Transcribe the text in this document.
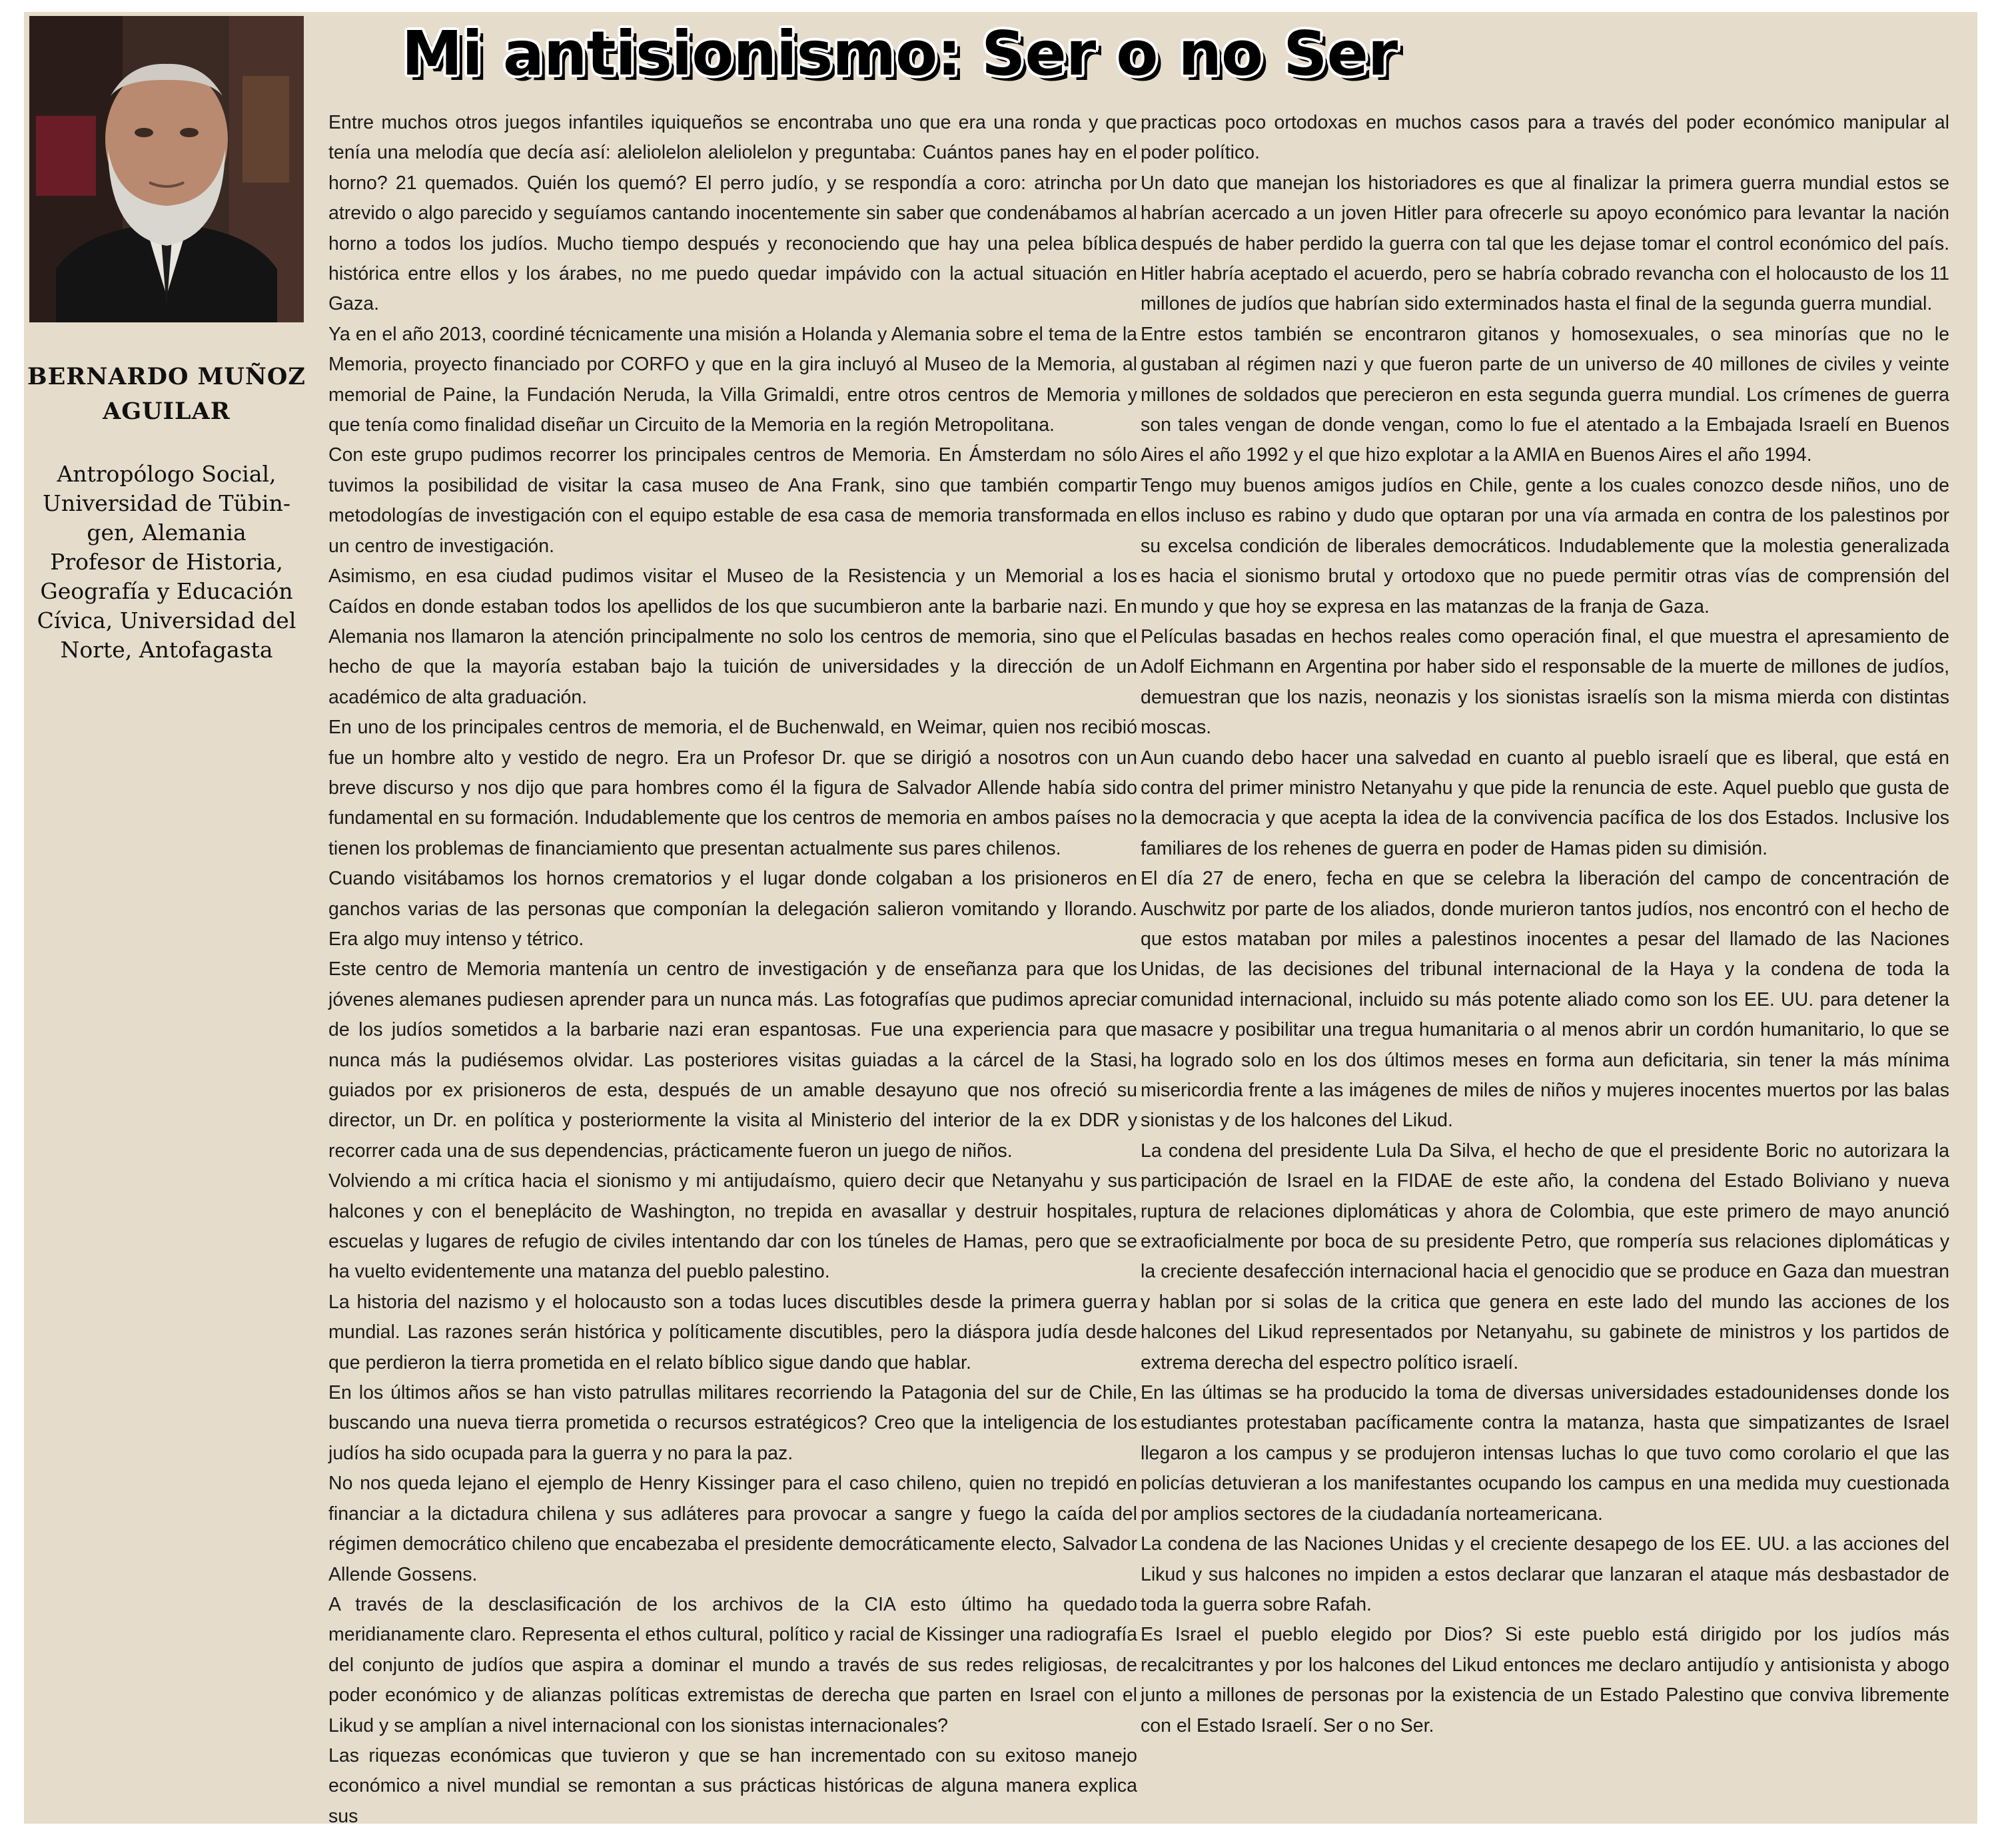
BERNARDO MUÑOZ AGUILAR
Antropólogo Social,
Universidad de Tübin-
gen, Alemania
Profesor de Historia,
Geografía y Educación
Cívica, Universidad del
Norte, Antofagasta
Mi antisionismo: Ser o no Ser

Entre muchos otros juegos infantiles iquiqueños se encontraba uno que era una ronda y que tenía una melodía que decía así: aleliolelon aleliolelon y preguntaba: Cuántos panes hay en el horno? 21 quemados. Quién los quemó? El perro judío, y se respondía a coro: atrincha por atrevido o algo parecido y seguíamos cantando inocentemente sin saber que condenábamos al horno a todos los judíos. Mucho tiempo después y reconociendo que hay una pelea bíblica histórica entre ellos y los árabes, no me puedo quedar impávido con la actual situación en Gaza.

Ya en el año 2013, coordiné técnicamente una misión a Holanda y Alemania sobre el tema de la Memoria, proyecto financiado por CORFO y que en la gira incluyó al Museo de la Memoria, al memorial de Paine, la Fundación Neruda, la Villa Grimaldi, entre otros centros de Memoria y que tenía como finalidad diseñar un Circuito de la Memoria en la región Metropolitana.

Con este grupo pudimos recorrer los principales centros de Memoria. En Ámsterdam no sólo tuvimos la posibilidad de visitar la casa museo de Ana Frank, sino que también compartir metodologías de investigación con el equipo estable de esa casa de memoria transformada en un centro de investigación.

Asimismo, en esa ciudad pudimos visitar el Museo de la Resistencia y un Memorial a los Caídos en donde estaban todos los apellidos de los que sucumbieron ante la barbarie nazi. En Alemania nos llamaron la atención principalmente no solo los centros de memoria, sino que el hecho de que la mayoría estaban bajo la tuición de universidades y la dirección de un académico de alta graduación.

En uno de los principales centros de memoria, el de Buchenwald, en Weimar, quien nos recibió fue un hombre alto y vestido de negro. Era un Profesor Dr. que se dirigió a nosotros con un breve discurso y nos dijo que para hombres como él la figura de Salvador Allende había sido fundamental en su formación. Indudablemente que los centros de memoria en ambos países no tienen los problemas de financiamiento que presentan actualmente sus pares chilenos.

Cuando visitábamos los hornos crematorios y el lugar donde colgaban a los prisioneros en ganchos varias de las personas que componían la delegación salieron vomitando y llorando. Era algo muy intenso y tétrico.

Este centro de Memoria mantenía un centro de investigación y de enseñanza para que los jóvenes alemanes pudiesen aprender para un nunca más. Las fotografías que pudimos apreciar de los judíos sometidos a la barbarie nazi eran espantosas. Fue una experiencia para que nunca más la pudiésemos olvidar. Las posteriores visitas guiadas a la cárcel de la Stasi, guiados por ex prisioneros de esta, después de un amable desayuno que nos ofreció su director, un Dr. en política y posteriormente la visita al Ministerio del interior de la ex DDR y recorrer cada una de sus dependencias, prácticamente fueron un juego de niños.

Volviendo a mi crítica hacia el sionismo y mi antijudaísmo, quiero decir que Netanyahu y sus halcones y con el beneplácito de Washington, no trepida en avasallar y destruir hospitales, escuelas y lugares de refugio de civiles intentando dar con los túneles de Hamas, pero que se ha vuelto evidentemente una matanza del pueblo palestino.

La historia del nazismo y el holocausto son a todas luces discutibles desde la primera guerra mundial. Las razones serán histórica y políticamente discutibles, pero la diáspora judía desde que perdieron la tierra prometida en el relato bíblico sigue dando que hablar.

En los últimos años se han visto patrullas militares recorriendo la Patagonia del sur de Chile, buscando una nueva tierra prometida o recursos estratégicos? Creo que la inteligencia de los judíos ha sido ocupada para la guerra y no para la paz.

No nos queda lejano el ejemplo de Henry Kissinger para el caso chileno, quien no trepidó en financiar a la dictadura chilena y sus adláteres para provocar a sangre y fuego la caída del régimen democrático chileno que encabezaba el presidente democráticamente electo, Salvador Allende Gossens.

A través de la desclasificación de los archivos de la CIA esto último ha quedado meridianamente claro. Representa el ethos cultural, político y racial de Kissinger una radiografía del conjunto de judíos que aspira a dominar el mundo a través de sus redes religiosas, de poder económico y de alianzas políticas extremistas de derecha que parten en Israel con el Likud y se amplían a nivel internacional con los sionistas internacionales?

Las riquezas económicas que tuvieron y que se han incrementado con su exitoso manejo económico a nivel mundial se remontan a sus prácticas históricas de alguna manera explica sus

practicas poco ortodoxas en muchos casos para a través del poder económico manipular al poder político.

Un dato que manejan los historiadores es que al finalizar la primera guerra mundial estos se habrían acercado a un joven Hitler para ofrecerle su apoyo económico para levantar la nación después de haber perdido la guerra con tal que les dejase tomar el control económico del país. Hitler habría aceptado el acuerdo, pero se habría cobrado revancha con el holocausto de los 11 millones de judíos que habrían sido exterminados hasta el final de la segunda guerra mundial.

Entre estos también se encontraron gitanos y homosexuales, o sea minorías que no le gustaban al régimen nazi y que fueron parte de un universo de 40 millones de civiles y veinte millones de soldados que perecieron en esta segunda guerra mundial. Los crímenes de guerra son tales vengan de donde vengan, como lo fue el atentado a la Embajada Israelí en Buenos Aires el año 1992 y el que hizo explotar a la AMIA en Buenos Aires el año 1994.

Tengo muy buenos amigos judíos en Chile, gente a los cuales conozco desde niños, uno de ellos incluso es rabino y dudo que optaran por una vía armada en contra de los palestinos por su excelsa condición de liberales democráticos. Indudablemente que la molestia generalizada es hacia el sionismo brutal y ortodoxo que no puede permitir otras vías de comprensión del mundo y que hoy se expresa en las matanzas de la franja de Gaza.

Películas basadas en hechos reales como operación final, el que muestra el apresamiento de Adolf Eichmann en Argentina por haber sido el responsable de la muerte de millones de judíos, demuestran que los nazis, neonazis y los sionistas israelís son la misma mierda con distintas moscas.

Aun cuando debo hacer una salvedad en cuanto al pueblo israelí que es liberal, que está en contra del primer ministro Netanyahu y que pide la renuncia de este. Aquel pueblo que gusta de la democracia y que acepta la idea de la convivencia pacífica de los dos Estados. Inclusive los familiares de los rehenes de guerra en poder de Hamas piden su dimisión.

El día 27 de enero, fecha en que se celebra la liberación del campo de concentración de Auschwitz por parte de los aliados, donde murieron tantos judíos, nos encontró con el hecho de que estos mataban por miles a palestinos inocentes a pesar del llamado de las Naciones Unidas, de las decisiones del tribunal internacional de la Haya y la condena de toda la comunidad internacional, incluido su más potente aliado como son los EE. UU. para detener la masacre y posibilitar una tregua humanitaria o al menos abrir un cordón humanitario, lo que se ha logrado solo en los dos últimos meses en forma aun deficitaria, sin tener la más mínima misericordia frente a las imágenes de miles de niños y mujeres inocentes muertos por las balas sionistas y de los halcones del Likud.

La condena del presidente Lula Da Silva, el hecho de que el presidente Boric no autorizara la participación de Israel en la FIDAE de este año, la condena del Estado Boliviano y nueva ruptura de relaciones diplomáticas y ahora de Colombia, que este primero de mayo anunció extraoficialmente por boca de su presidente Petro, que rompería sus relaciones diplomáticas y la creciente desafección internacional hacia el genocidio que se produce en Gaza dan muestran y hablan por si solas de la critica que genera en este lado del mundo las acciones de los halcones del Likud representados por Netanyahu, su gabinete de ministros y los partidos de extrema derecha del espectro político israelí.

En las últimas se ha producido la toma de diversas universidades estadounidenses donde los estudiantes protestaban pacíficamente contra la matanza, hasta que simpatizantes de Israel llegaron a los campus y se produjeron intensas luchas lo que tuvo como corolario el que las policías detuvieran a los manifestantes ocupando los campus en una medida muy cuestionada por amplios sectores de la ciudadanía norteamericana.

La condena de las Naciones Unidas y el creciente desapego de los EE. UU. a las acciones del Likud y sus halcones no impiden a estos declarar que lanzaran el ataque más desbastador de toda la guerra sobre Rafah.

Es Israel el pueblo elegido por Dios? Si este pueblo está dirigido por los judíos más recalcitrantes y por los halcones del Likud entonces me declaro antijudío y antisionista y abogo junto a millones de personas por la existencia de un Estado Palestino que conviva libremente con el Estado Israelí. Ser o no Ser.
